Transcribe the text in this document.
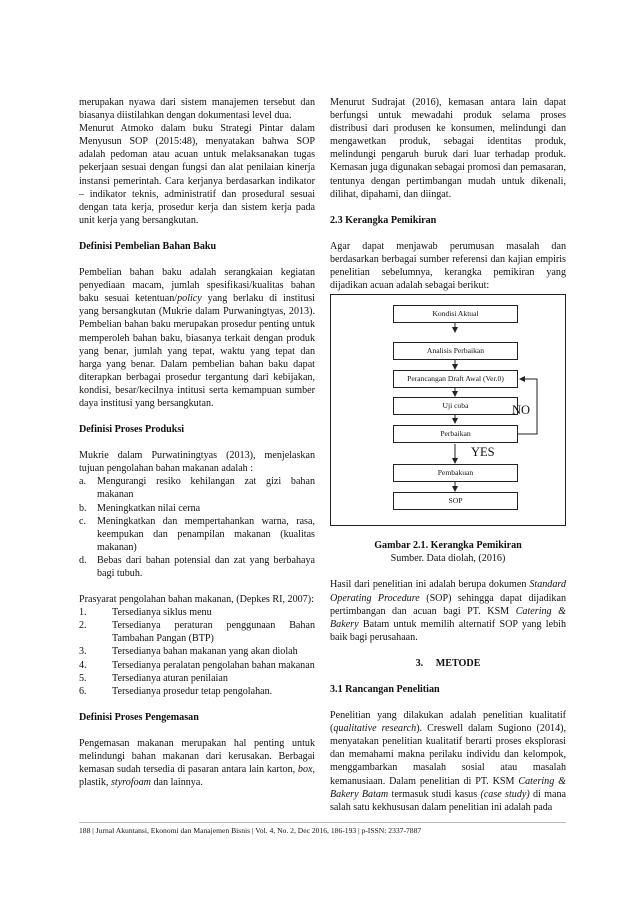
merupakan nyawa dari sistem manajemen tersebut dan biasanya diistilahkan dengan dokumentasi level dua.

Menurut Atmoko dalam buku Strategi Pintar dalam Menyusun SOP (2015:48), menyatakan bahwa SOP adalah pedoman atau acuan untuk melaksanakan tugas pekerjaan sesuai dengan fungsi dan alat penilaian kinerja instansi pemerintah. Cara kerjanya berdasarkan indikator – indikator teknis, administratif dan prosedural sesuai dengan tata kerja, prosedur kerja dan sistem kerja pada unit kerja yang bersangkutan.

Definisi Pembelian Bahan Baku

Pembelian bahan baku adalah serangkaian kegiatan penyediaan macam, jumlah spesifikasi/kualitas bahan baku sesuai ketentuan/policy yang berlaku di institusi yang bersangkutan (Mukrie dalam Purwaningtyas, 2013). Pembelian bahan baku merupakan prosedur penting untuk memperoleh bahan baku, biasanya terkait dengan produk yang benar, jumlah yang tepat, waktu yang tepat dan harga yang benar. Dalam pembelian bahan baku dapat diterapkan berbagai prosedur tergantung dari kebijakan, kondisi, besar/kecilnya intitusi serta kemampuan sumber daya institusi yang bersangkutan.

Definisi Proses Produksi

Mukrie dalam Purwatiningtyas (2013), menjelaskan tujuan pengolahan bahan makanan adalah :

a.	Mengurangi resiko kehilangan zat gizi bahan makanan
b.	Meningkatkan nilai cerna
c.	Meningkatkan dan mempertahankan warna, rasa, keempukan dan penampilan makanan (kualitas makanan)
d.	Bebas dari bahan potensial dan zat yang berbahaya bagi tubuh.

Prasyarat pengolahan bahan makanan, (Depkes RI, 2007):

1.	Tersedianya siklus menu
2.	Tersedianya peraturan penggunaan Bahan Tambahan Pangan (BTP)
3.	Tersedianya bahan makanan yang akan diolah
4.	Tersedianya peralatan pengolahan bahan makanan
5.	Tersedianya aturan penilaian
6.	Tersedianya prosedur tetap pengolahan.

Definisi Proses Pengemasan

Pengemasan makanan merupakan hal penting untuk melindungi bahan makanan dari kerusakan. Berbagai kemasan sudah tersedia di pasaran antara lain karton, box, plastik, styrofoam dan lainnya.

Menurut Sudrajat (2016), kemasan antara lain dapat berfungsi untuk mewadahi produk selama proses distribusi dari produsen ke konsumen, melindungi dan mengawetkan produk, sebagai identitas produk, melindungi pengaruh buruk dari luar terhadap produk. Kemasan juga digunakan sebagai promosi dan pemasaran, tentunya dengan pertimbangan mudah untuk dikenali, dilihat, dipahami, dan diingat.

2.3 Kerangka Pemikiran

Agar dapat menjawab perumusan masalah dan berdasarkan berbagai sumber referensi dan kajian empiris penelitian sebelumnya, kerangka pemikiran yang dijadikan acuan adalah sebagai berikut:

Kondisi Aktual
Analisis Perbaikan
Perancangan Draft Awal (Ver.0)
Uji coba
Perbaikan
Pembakuan
SOP
NO
YES

Gambar 2.1. Kerangka Pemikiran

Sumber. Data diolah, (2016)

Hasil dari penelitian ini adalah berupa dokumen Standard Operating Procedure (SOP) sehingga dapat dijadikan pertimbangan dan acuan bagi PT. KSM Catering & Bakery Batam untuk memilih alternatif SOP yang lebih baik bagi perusahaan.

3.     METODE

3.1 Rancangan Penelitian

Penelitian yang dilakukan adalah penelitian kualitatif (qualitative research). Creswell dalam Sugiono (2014), menyatakan penelitian kualitatif berarti proses eksplorasi dan memahami makna perilaku individu dan kelompok, menggambarkan masalah sosial atau masalah kemanusiaan. Dalam penelitian di PT. KSM Catering & Bakery Batam termasuk studi kasus (case study) di mana salah satu kekhususan dalam penelitian ini adalah pada

188 | Jurnal Akuntansi, Ekonomi dan Manajemen Bisnis | Vol. 4, No. 2, Dec 2016, 186-193 | p-ISSN: 2337-7887
